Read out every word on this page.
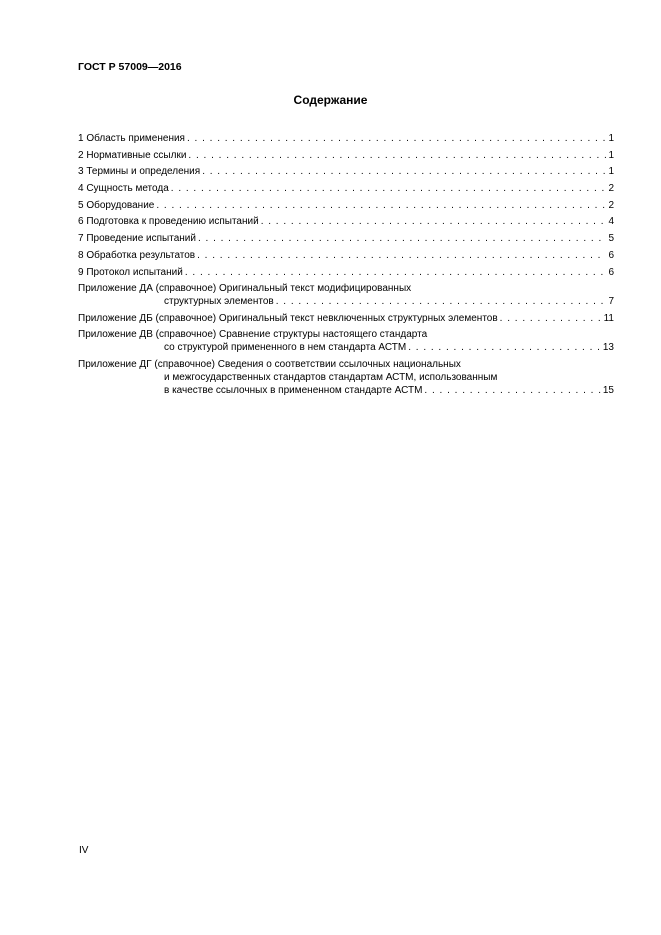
ГОСТ Р 57009—2016
Содержание
1 Область применения . . .	1
2 Нормативные ссылки . . .	1
3 Термины и определения . . .	1
4 Сущность метода . . .	2
5 Оборудование . . .	2
6 Подготовка к проведению испытаний . . .	4
7 Проведение испытаний . . .	5
8 Обработка результатов . . .	6
9 Протокол испытаний . . .	6
Приложение ДА (справочное) Оригинальный текст модифицированных
структурных элементов . . .	7
Приложение ДБ (справочное) Оригинальный текст невключенных структурных элементов . . .	11
Приложение ДВ (справочное) Сравнение структуры настоящего стандарта
со структурой примененного в нем стандарта АСТМ . . .	13
Приложение ДГ (справочное) Сведения о соответствии ссылочных национальных
и межгосударственных стандартов стандартам АСТМ, использованным
в качестве ссылочных в примененном стандарте АСТМ . . .	15
IV
